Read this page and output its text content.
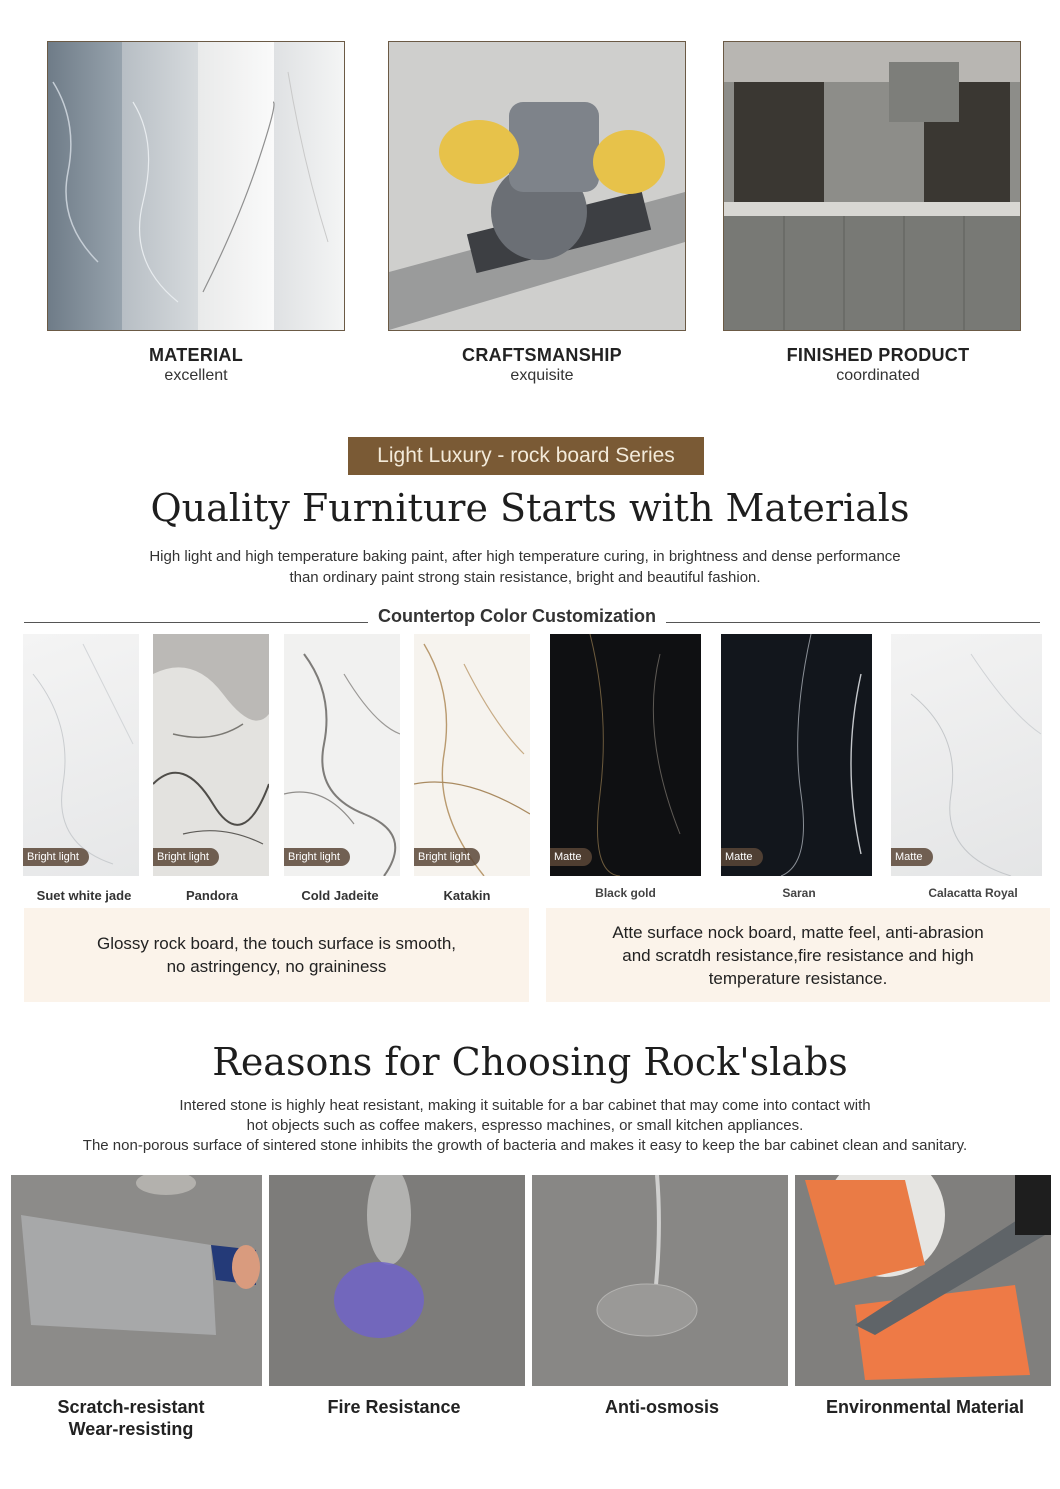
MATERIAL
excellent
CRAFTSMANSHIP
exquisite
FINISHED PRODUCT
coordinated
Light Luxury - rock board Series
Quality Furniture Starts with Materials
High light and high temperature baking paint, after high temperature curing, in brightness and dense performance
than ordinary paint strong stain resistance, bright and beautiful fashion.
Countertop Color Customization
Bright light	Bright light	Bright light	Bright light	Matte	Matte	Matte
Suet white jade	Pandora	Cold Jadeite	Katakin	Black gold	Saran	Calacatta Royal
Glossy rock board, the touch surface is smooth,
no astringency, no graininess
Atte surface nock board, matte feel, anti-abrasion
and scratdh resistance,fire resistance and high
temperature resistance.
Reasons for Choosing Rock'slabs
Intered stone is highly heat resistant, making it suitable for a bar cabinet that may come into contact with
hot objects such as coffee makers, espresso machines, or small kitchen appliances.
The non-porous surface of sintered stone inhibits the growth of bacteria and makes it easy to keep the bar cabinet clean and sanitary.
Scratch-resistant
Wear-resisting
Fire Resistance	Anti-osmosis	Environmental Material
